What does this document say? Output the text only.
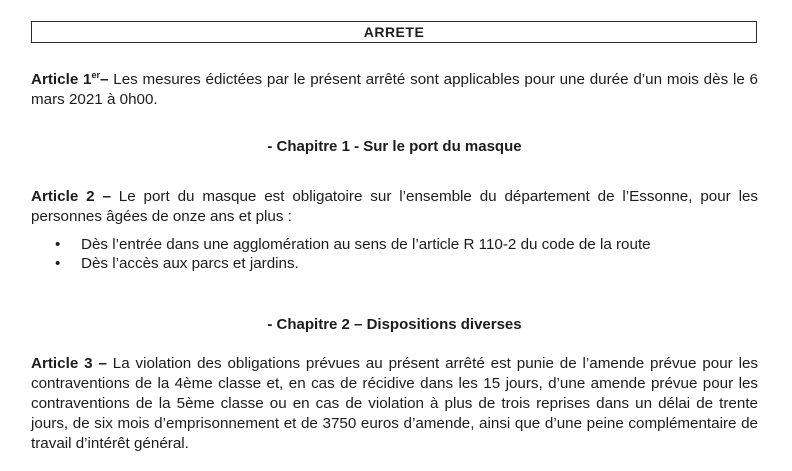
ARRETE

Article 1er– Les mesures édictées par le présent arrêté sont applicables pour une durée d’un mois dès le 6 mars 2021 à 0h00.

- Chapitre 1 - Sur le port du masque

Article 2 – Le port du masque est obligatoire sur l’ensemble du département de l’Essonne, pour les personnes âgées de onze ans et plus :

• Dès l’entrée dans une agglomération au sens de l’article R 110-2 du code de la route
• Dès l’accès aux parcs et jardins.

- Chapitre 2 – Dispositions diverses

Article 3 – La violation des obligations prévues au présent arrêté est punie de l’amende prévue pour les contraventions de la 4ème classe et, en cas de récidive dans les 15 jours, d’une amende prévue pour les contraventions de la 5ème classe ou en cas de violation à plus de trois reprises dans un délai de trente jours, de six mois d’emprisonnement et de 3750 euros d’amende, ainsi que d’une peine complémentaire de travail d’intérêt général.
